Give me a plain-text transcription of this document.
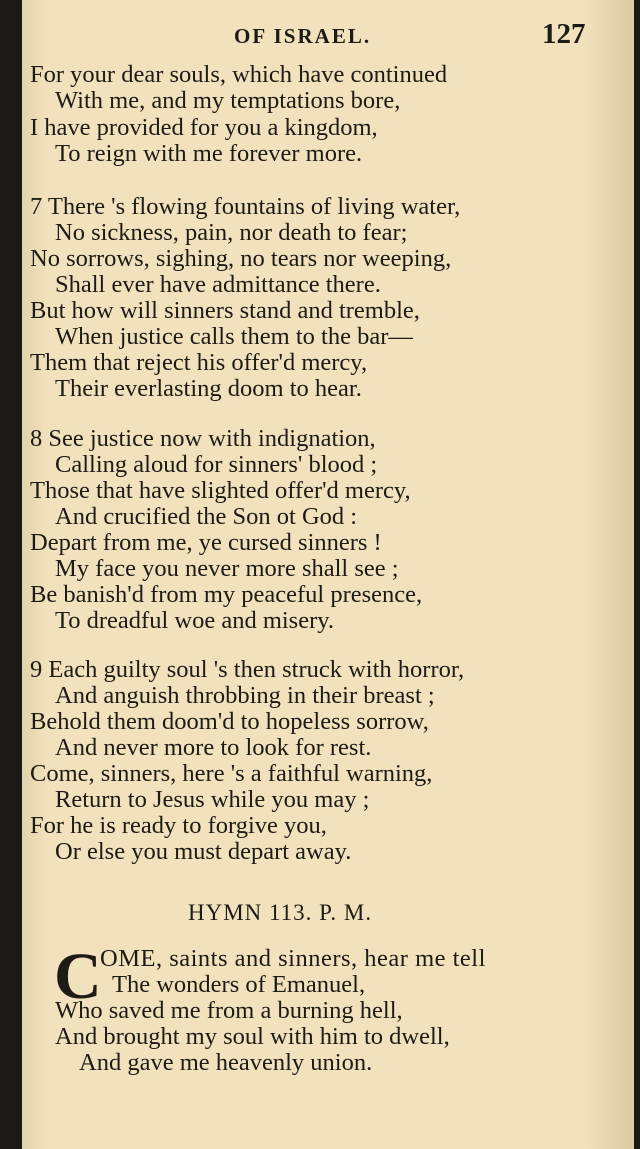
OF ISRAEL.	127
For your dear souls, which have continued
With me, and my temptations bore,
I have provided for you a kingdom,
To reign with me forever more.
7 There 's flowing fountains of living water,
No sickness, pain, nor death to fear;
No sorrows, sighing, no tears nor weeping,
Shall ever have admittance there.
But how will sinners stand and tremble,
When justice calls them to the bar—
Them that reject his offer'd mercy,
Their everlasting doom to hear.
8 See justice now with indignation,
Calling aloud for sinners' blood ;
Those that have slighted offer'd mercy,
And crucified the Son ot God :
Depart from me, ye cursed sinners !
My face you never more shall see ;
Be banish'd from my peaceful presence,
To dreadful woe and misery.
9 Each guilty soul 's then struck with horror,
And anguish throbbing in their breast ;
Behold them doom'd to hopeless sorrow,
And never more to look for rest.
Come, sinners, here 's a faithful warning,
Return to Jesus while you may ;
For he is ready to forgive you,
Or else you must depart away.
HYMN 113. P. M.
C
OME, saints and sinners, hear me tell
The wonders of Emanuel,
Who saved me from a burning hell,
And brought my soul with him to dwell,
And gave me heavenly union.
